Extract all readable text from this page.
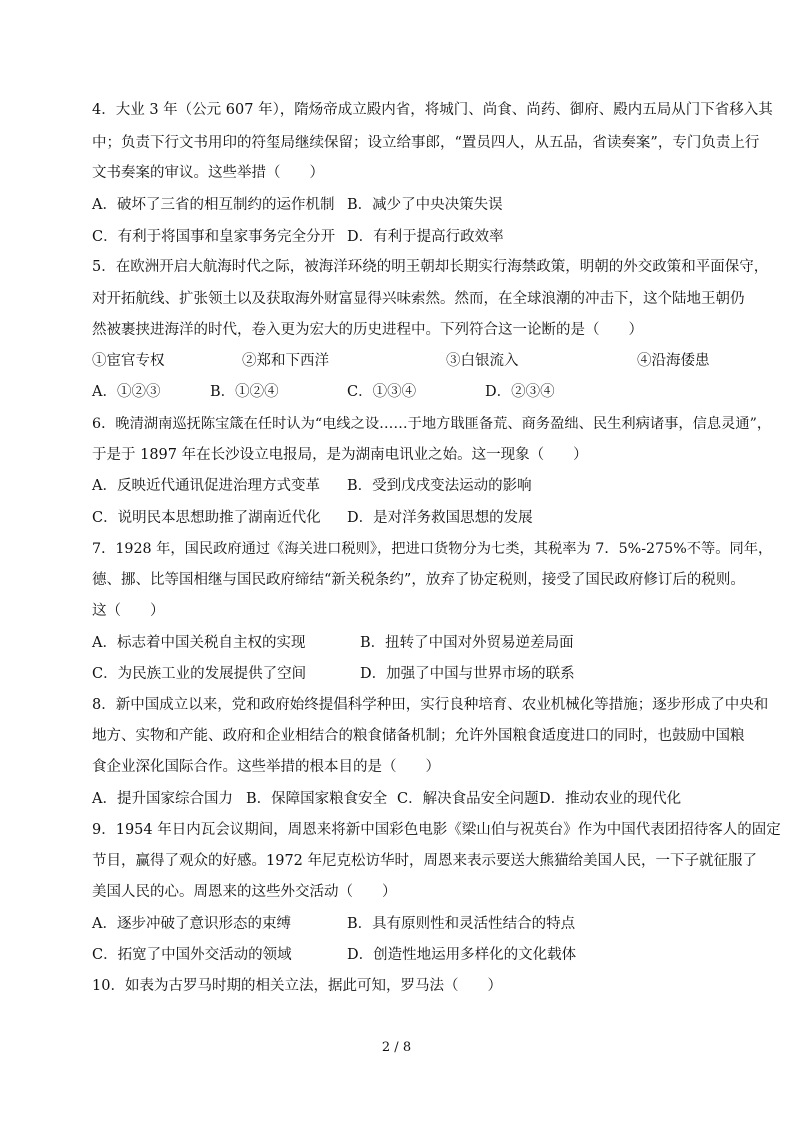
4．大业 3 年（公元 607 年），隋炀帝成立殿内省，将城门、尚食、尚药、御府、殿内五局从门下省移入其
中；负责下行文书用印的符玺局继续保留；设立给事郎，“置员四人，从五品，省读奏案”，专门负责上行
文书奏案的审议。这些举措（　　）
A．破坏了三省的相互制约的运作机制 B．减少了中央决策失误
C．有利于将国事和皇家事务完全分开 D．有利于提高行政效率
5．在欧洲开启大航海时代之际，被海洋环绕的明王朝却长期实行海禁政策，明朝的外交政策和平面保守，
对开拓航线、扩张领土以及获取海外财富显得兴味索然。然而，在全球浪潮的冲击下，这个陆地王朝仍
然被裹挟进海洋的时代，卷入更为宏大的历史进程中。下列符合这一论断的是（　　）
①宦官专权	②郑和下西洋	③白银流入	④沿海倭患
A．①②③	B．①②④	C．①③④	D．②③④
6．晚清湖南巡抚陈宝箴在任时认为“电线之设……于地方戢匪备荒、商务盈绌、民生利病诸事，信息灵通”，
于是于 1897 年在长沙设立电报局，是为湖南电讯业之始。这一现象（　　）
A．反映近代通讯促进治理方式变革 B．受到戊戌变法运动的影响
C．说明民本思想助推了湖南近代化 D．是对洋务救国思想的发展
7．1928 年，国民政府通过《海关进口税则》，把进口货物分为七类，其税率为 7．5%-275%不等。同年，
德、挪、比等国相继与国民政府缔结“新关税条约”，放弃了协定税则，接受了国民政府修订后的税则。
这（　　）
A．标志着中国关税自主权的实现	B．扭转了中国对外贸易逆差局面
C．为民族工业的发展提供了空间	D．加强了中国与世界市场的联系
8．新中国成立以来，党和政府始终提倡科学种田，实行良种培育、农业机械化等措施；逐步形成了中央和
地方、实物和产能、政府和企业相结合的粮食储备机制；允许外国粮食适度进口的同时，也鼓励中国粮
食企业深化国际合作。这些举措的根本目的是（　　）
A．提升国家综合国力 B．保障国家粮食安全 C．解决食品安全问题 D．推动农业的现代化
9．1954 年日内瓦会议期间，周恩来将新中国彩色电影《梁山伯与祝英台》作为中国代表团招待客人的固定
节目，赢得了观众的好感。1972 年尼克松访华时，周恩来表示要送大熊猫给美国人民，一下子就征服了
美国人民的心。周恩来的这些外交活动（　　）
A．逐步冲破了意识形态的束缚	B．具有原则性和灵活性结合的特点
C．拓宽了中国外交活动的领域	D．创造性地运用多样化的文化载体
10．如表为古罗马时期的相关立法，据此可知，罗马法（　　）
2 / 8
